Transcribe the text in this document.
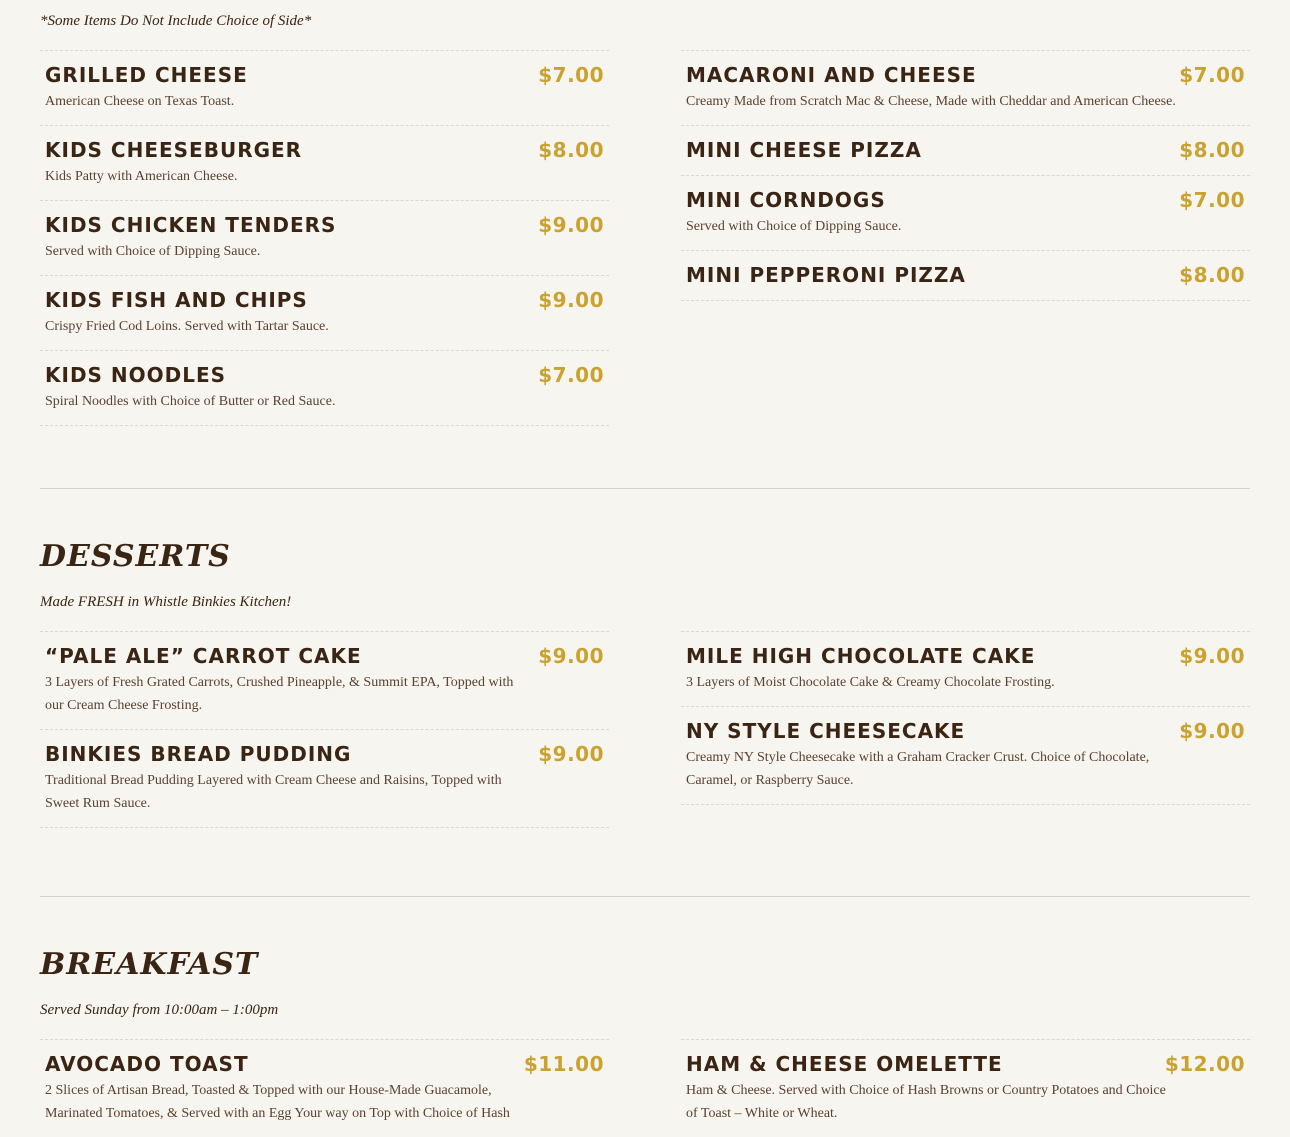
*Some Items Do Not Include Choice of Side*
GRILLED CHEESE	$7.00
American Cheese on Texas Toast.
KIDS CHEESEBURGER	$8.00
Kids Patty with American Cheese.
KIDS CHICKEN TENDERS	$9.00
Served with Choice of Dipping Sauce.
KIDS FISH AND CHIPS	$9.00
Crispy Fried Cod Loins. Served with Tartar Sauce.
KIDS NOODLES	$7.00
Spiral Noodles with Choice of Butter or Red Sauce.
MACARONI AND CHEESE	$7.00
Creamy Made from Scratch Mac & Cheese, Made with Cheddar and American Cheese.
MINI CHEESE PIZZA	$8.00
MINI CORNDOGS	$7.00
Served with Choice of Dipping Sauce.
MINI PEPPERONI PIZZA	$8.00
DESSERTS
Made FRESH in Whistle Binkies Kitchen!
“PALE ALE” CARROT CAKE	$9.00
3 Layers of Fresh Grated Carrots, Crushed Pineapple, & Summit EPA, Topped with our Cream Cheese Frosting.
BINKIES BREAD PUDDING	$9.00
Traditional Bread Pudding Layered with Cream Cheese and Raisins, Topped with Sweet Rum Sauce.
MILE HIGH CHOCOLATE CAKE	$9.00
3 Layers of Moist Chocolate Cake & Creamy Chocolate Frosting.
NY STYLE CHEESECAKE	$9.00
Creamy NY Style Cheesecake with a Graham Cracker Crust. Choice of Chocolate, Caramel, or Raspberry Sauce.
BREAKFAST
Served Sunday from 10:00am – 1:00pm
AVOCADO TOAST	$11.00
2 Slices of Artisan Bread, Toasted & Topped with our House-Made Guacamole, Marinated Tomatoes, & Served with an Egg Your way on Top with Choice of Hash
HAM & CHEESE OMELETTE	$12.00
Ham & Cheese. Served with Choice of Hash Browns or Country Potatoes and Choice of Toast – White or Wheat.
